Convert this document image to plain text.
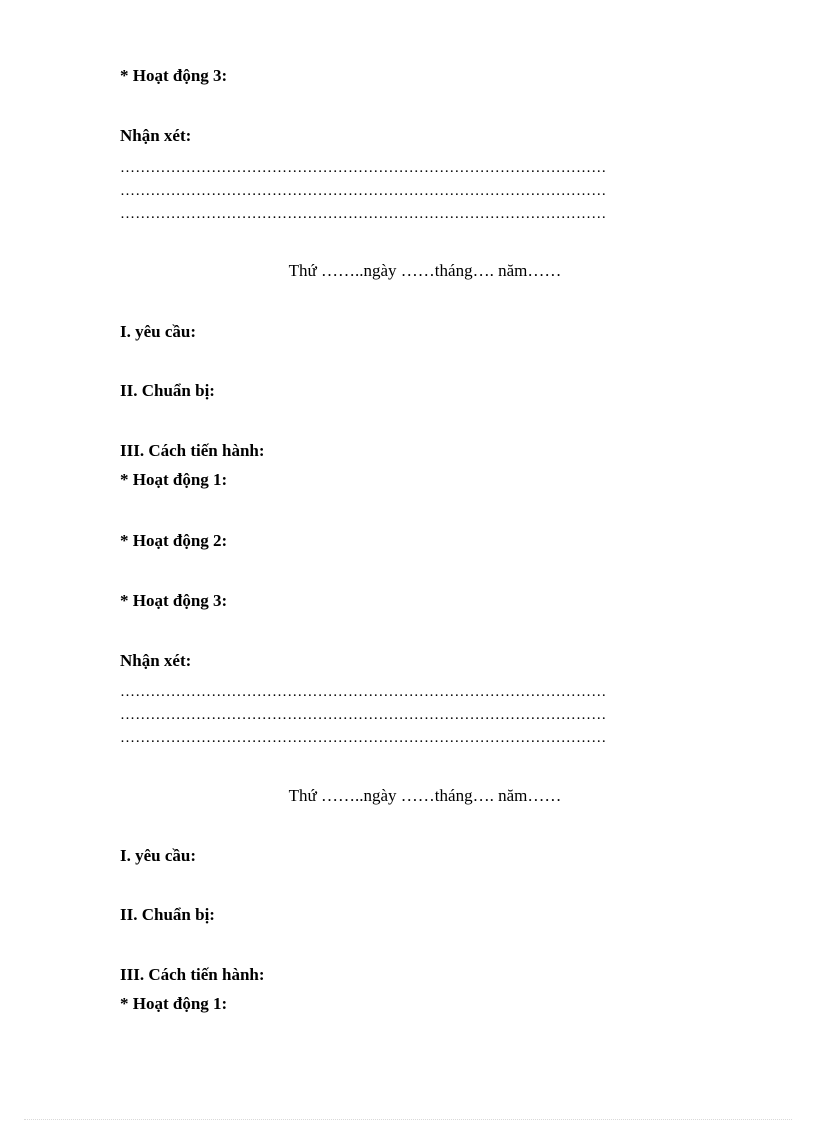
* Hoạt động 3:
Nhận xét:
……………………………………………………………………………………
……………………………………………………………………………………
……………………………………………………………………………………
Thứ ……..ngày ……tháng…. năm……
I. yêu cầu:
II. Chuẩn bị:
III. Cách tiến hành:
* Hoạt động 1:
* Hoạt động 2:
* Hoạt động 3:
Nhận xét:
……………………………………………………………………………………
……………………………………………………………………………………
……………………………………………………………………………………
Thứ ……..ngày ……tháng…. năm……
I. yêu cầu:
II. Chuẩn bị:
III. Cách tiến hành:
* Hoạt động 1:
